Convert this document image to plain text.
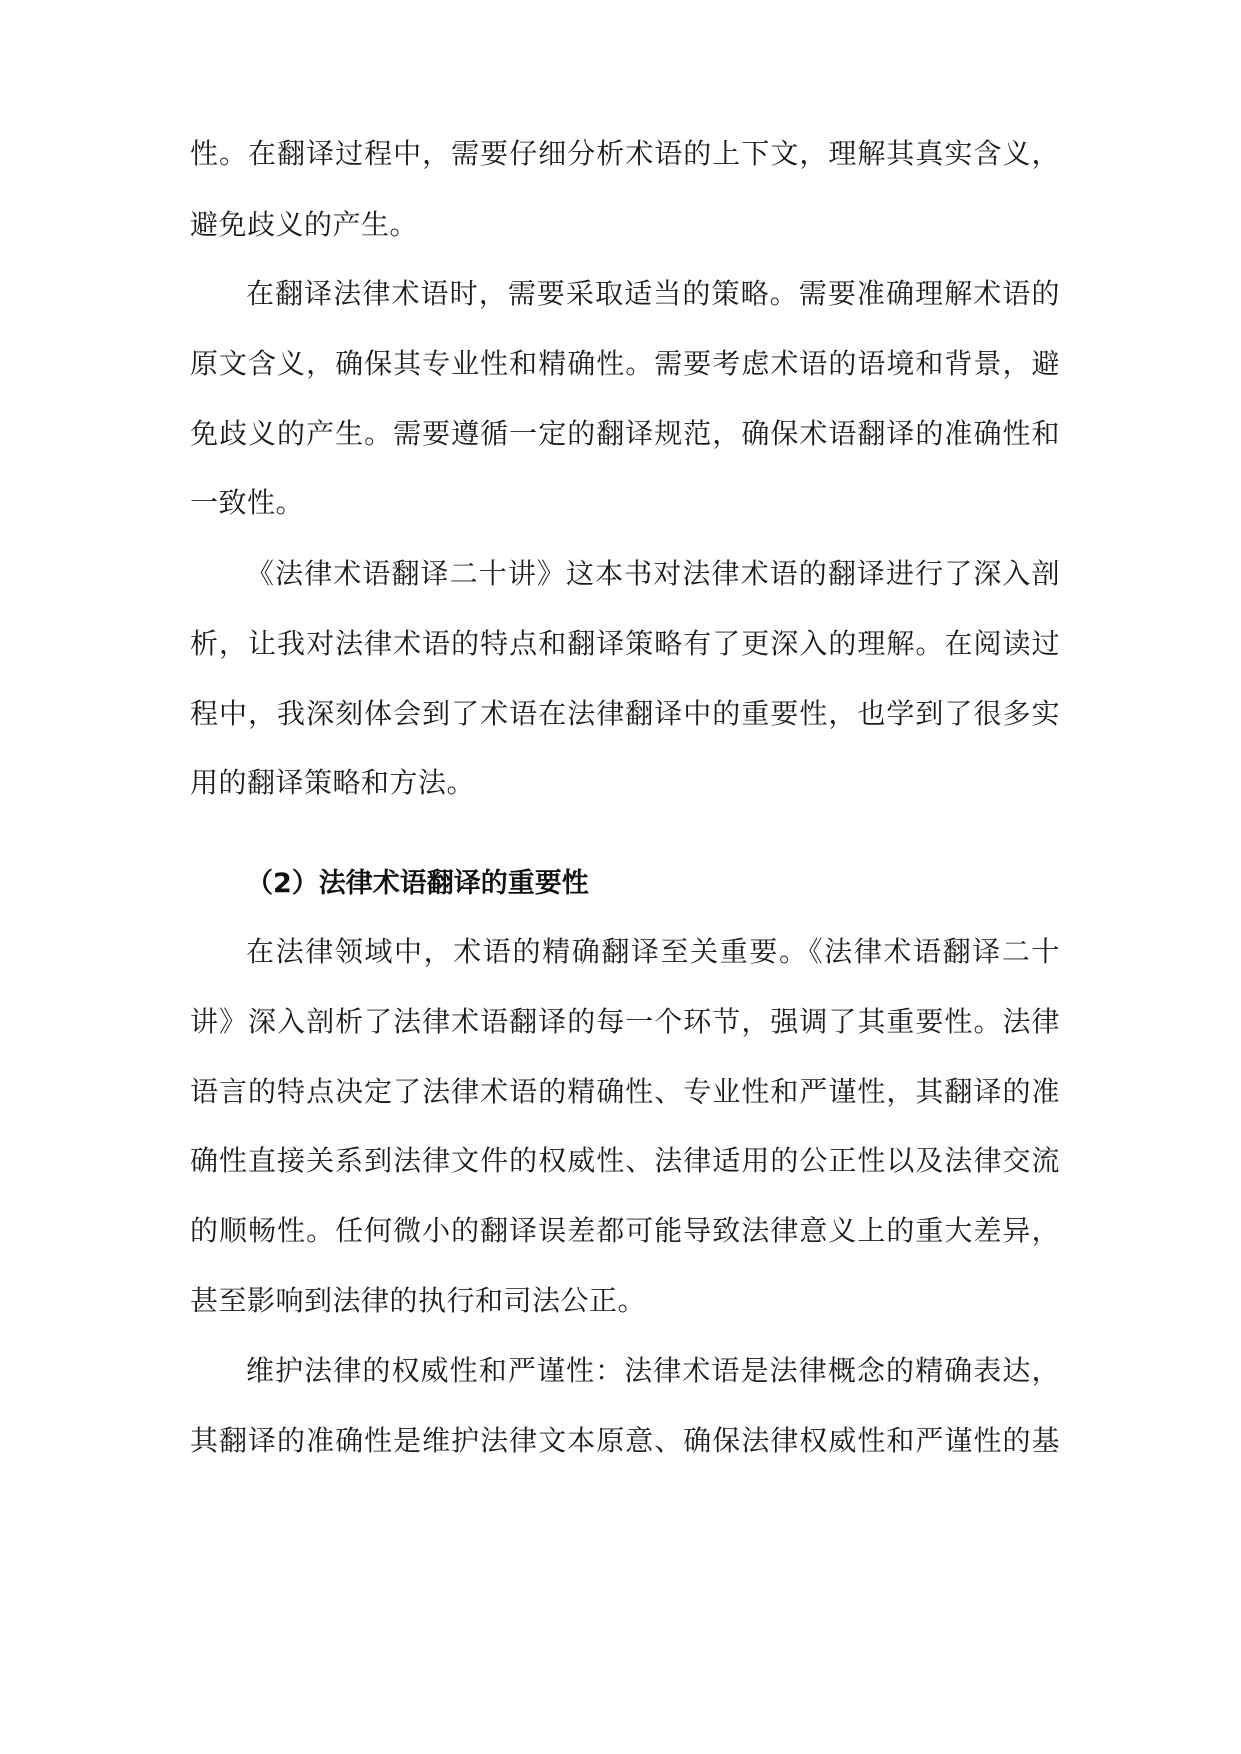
性。在翻译过程中，需要仔细分析术语的上下文，理解其真实含义，

避免歧义的产生。

在翻译法律术语时，需要采取适当的策略。需要准确理解术语的

原文含义，确保其专业性和精确性。需要考虑术语的语境和背景，避

免歧义的产生。需要遵循一定的翻译规范，确保术语翻译的准确性和

一致性。

《法律术语翻译二十讲》这本书对法律术语的翻译进行了深入剖

析，让我对法律术语的特点和翻译策略有了更深入的理解。在阅读过

程中，我深刻体会到了术语在法律翻译中的重要性，也学到了很多实

用的翻译策略和方法。

（2）法律术语翻译的重要性

在法律领域中，术语的精确翻译至关重要。《法律术语翻译二十

讲》深入剖析了法律术语翻译的每一个环节，强调了其重要性。法律

语言的特点决定了法律术语的精确性、专业性和严谨性，其翻译的准

确性直接关系到法律文件的权威性、法律适用的公正性以及法律交流

的顺畅性。任何微小的翻译误差都可能导致法律意义上的重大差异，

甚至影响到法律的执行和司法公正。

维护法律的权威性和严谨性：法律术语是法律概念的精确表达，

其翻译的准确性是维护法律文本原意、确保法律权威性和严谨性的基
